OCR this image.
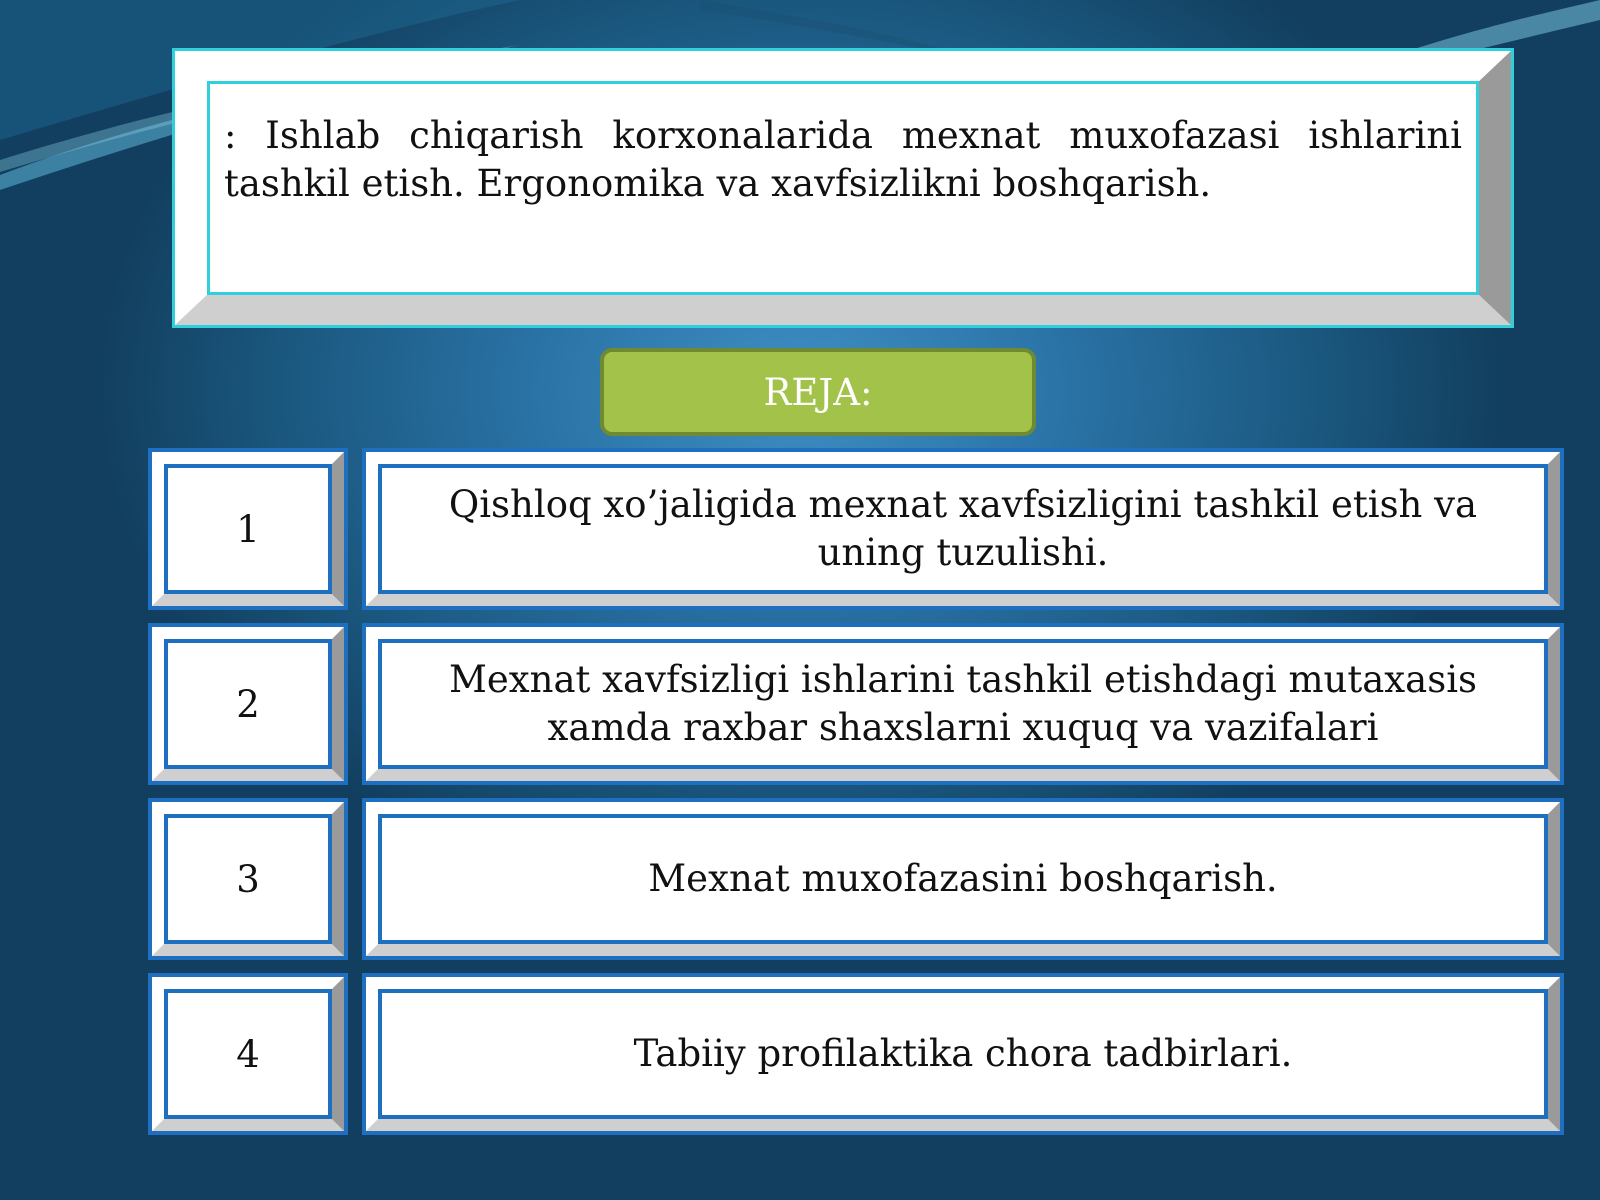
: Ishlab chiqarish korxonalarida mexnat muxofazasi ishlarini tashkil etish. Ergonomika va xavfsizlikni boshqarish.
REJA:
1
Qishloq xo’jaligida mexnat xavfsizligini tashkil etish va uning tuzulishi.
2
Mexnat xavfsizligi ishlarini tashkil etishdagi mutaxasis xamda raxbar shaxslarni xuquq va vazifalari
3	Mexnat muxofazasini boshqarish.
4	Tabiiy profilaktika chora tadbirlari.
